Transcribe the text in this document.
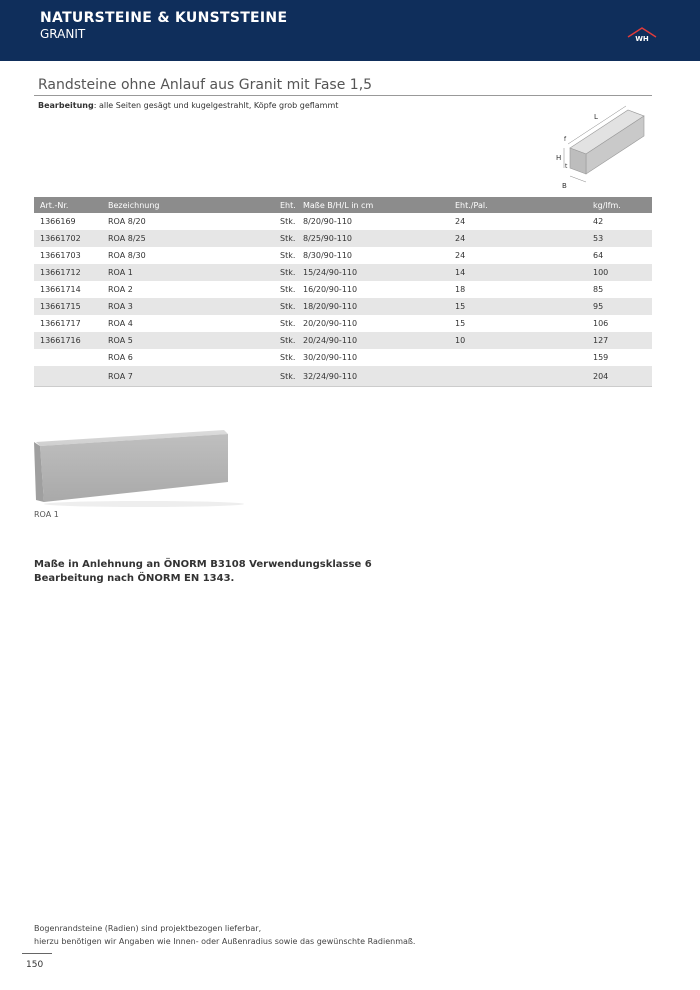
NATURSTEINE & KUNSTSTEINE
GRANIT	WH
Randsteine ohne Anlauf aus Granit mit Fase 1,5
Bearbeitung: alle Seiten gesägt und kugelgestrahlt, Köpfe grob geflammt
L
f
H
t
B
Art.-Nr.	Bezeichnung	Eht.	Maße B/H/L in cm	Eht./Pal.	kg/lfm.
1366169	ROA 8/20	Stk.	8/20/90-110	24	42
13661702	ROA 8/25	Stk.	8/25/90-110	24	53
13661703	ROA 8/30	Stk.	8/30/90-110	24	64
13661712	ROA 1	Stk.	15/24/90-110	14	100
13661714	ROA 2	Stk.	16/20/90-110	18	85
13661715	ROA 3	Stk.	18/20/90-110	15	95
13661717	ROA 4	Stk.	20/20/90-110	15	106
13661716	ROA 5	Stk.	20/24/90-110	10	127
	ROA 6	Stk.	30/20/90-110		159
	ROA 7	Stk.	32/24/90-110		204
ROA 1
Maße in Anlehnung an ÖNORM B3108 Verwendungsklasse 6
Bearbeitung nach ÖNORM EN 1343.
Bogenrandsteine (Radien) sind projektbezogen lieferbar,
hierzu benötigen wir Angaben wie Innen- oder Außenradius sowie das gewünschte Radienmaß.
150
